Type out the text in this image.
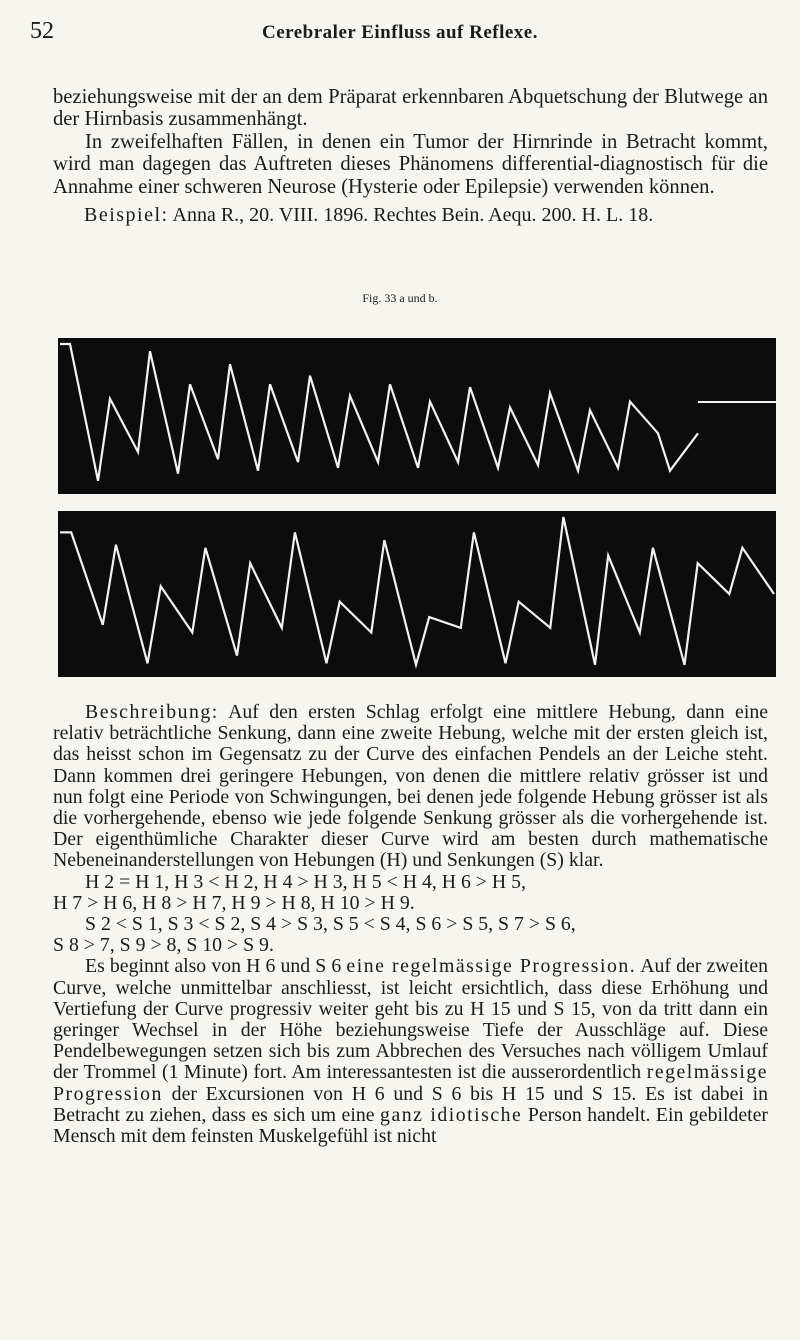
52	Cerebraler Einfluss auf Reflexe.

beziehungsweise mit der an dem Präparat erkennbaren Abquetschung der Blutwege an der Hirnbasis zusammenhängt.

In zweifelhaften Fällen, in denen ein Tumor der Hirnrinde in Betracht kommt, wird man dagegen das Auftreten dieses Phänomens differential-diagnostisch für die Annahme einer schweren Neurose (Hysterie oder Epilepsie) verwenden können.

Beispiel: Anna R., 20. VIII. 1896. Rechtes Bein. Aequ. 200. H. L. 18.
Fig. 33 a und b.

Beschreibung: Auf den ersten Schlag erfolgt eine mittlere Hebung, dann eine relativ beträchtliche Senkung, dann eine zweite Hebung, welche mit der ersten gleich ist, das heisst schon im Gegensatz zu der Curve des einfachen Pendels an der Leiche steht. Dann kommen drei geringere Hebungen, von denen die mittlere relativ grösser ist und nun folgt eine Periode von Schwingungen, bei denen jede folgende Hebung grösser ist als die vorhergehende, ebenso wie jede folgende Senkung grösser als die vorhergehende ist. Der eigenthümliche Charakter dieser Curve wird am besten durch mathematische Nebeneinanderstellungen von Hebungen (H) und Senkungen (S) klar.

H 2 = H 1, H 3 < H 2, H 4 > H 3, H 5 < H 4, H 6 > H 5,

H 7 > H 6, H 8 > H 7, H 9 > H 8, H 10 > H 9.

S 2 < S 1, S 3 < S 2, S 4 > S 3, S 5 < S 4, S 6 > S 5, S 7 > S 6,

S 8 > 7, S 9 > 8, S 10 > S 9.

Es beginnt also von H 6 und S 6 eine regelmässige Progression. Auf der zweiten Curve, welche unmittelbar anschliesst, ist leicht ersichtlich, dass diese Erhöhung und Vertiefung der Curve progressiv weiter geht bis zu H 15 und S 15, von da tritt dann ein geringer Wechsel in der Höhe beziehungsweise Tiefe der Ausschläge auf. Diese Pendelbewegungen setzen sich bis zum Abbrechen des Versuches nach völligem Umlauf der Trommel (1 Minute) fort. Am interessantesten ist die ausserordentlich regelmässige Progression der Excursionen von H 6 und S 6 bis H 15 und S 15. Es ist dabei in Betracht zu ziehen, dass es sich um eine ganz idiotische Person handelt. Ein gebildeter Mensch mit dem feinsten Muskelgefühl ist nicht
